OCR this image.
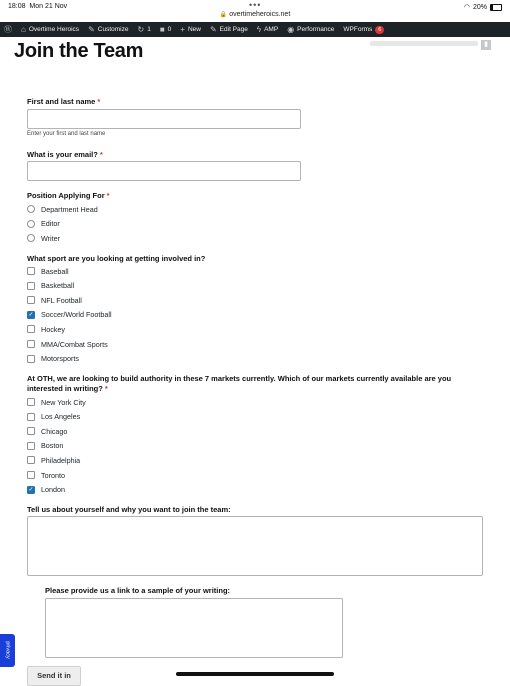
18:08 Mon 21 Nov	•••
🔒 overtimeheroics.net
◠ 20%
Ⓦ ⌂ Overtime Heroics ✎ Customize ↻ 1 ■ 0 + New ✎ Edit Page ϟ AMP ◉ Performance WPForms	6
▮
Join the Team
First and last name *
Enter your first and last name
What is your email? *
Position Applying For *
Department Head
Editor
Writer
What sport are you looking at getting involved in?
Baseball
Basketball
NFL Football
✓ Soccer/World Football
Hockey
MMA/Combat Sports
Motorsports
At OTH, we are looking to build authority in these 7 markets currently. Which of our markets currently available are you interested in writing? *
New York City
Los Angeles
Chicago
Boston
Philadelphia
Toronto
✓ London
Tell us about yourself and why you want to join the team:
Please provide us a link to a sample of your writing:
Send it in
privacy
